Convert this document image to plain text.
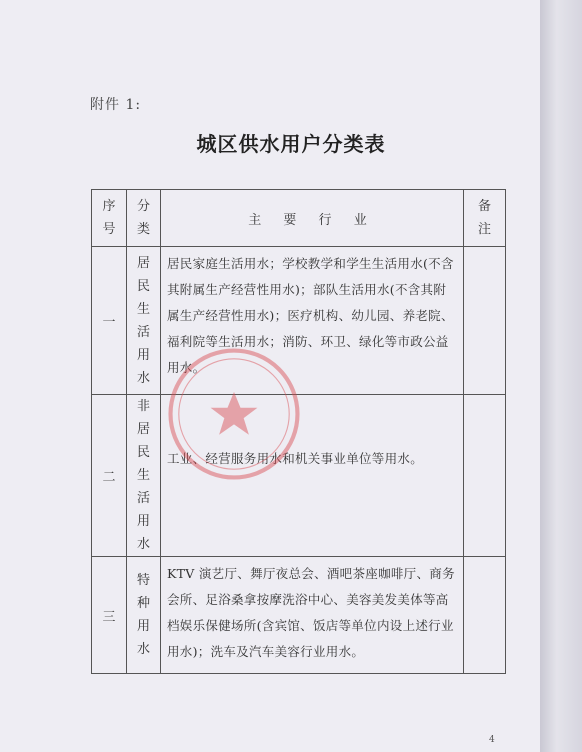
附件 1:
城区供水用户分类表
序号	分类	主 要 行 业	备注
一	居民生活用水	居民家庭生活用水；学校教学和学生生活用水(不含其附属生产经营性用水)；部队生活用水(不含其附属生产经营性用水)；医疗机构、幼儿园、养老院、福利院等生活用水；消防、环卫、绿化等市政公益用水。	
二	非居民生活用水	工业、经营服务用水和机关事业单位等用水。	
三	特种用水	KTV 演艺厅、舞厅夜总会、酒吧茶座咖啡厅、商务会所、足浴桑拿按摩洗浴中心、美容美发美体等高档娱乐保健场所(含宾馆、饭店等单位内设上述行业用水)；洗车及汽车美容行业用水。	
4
